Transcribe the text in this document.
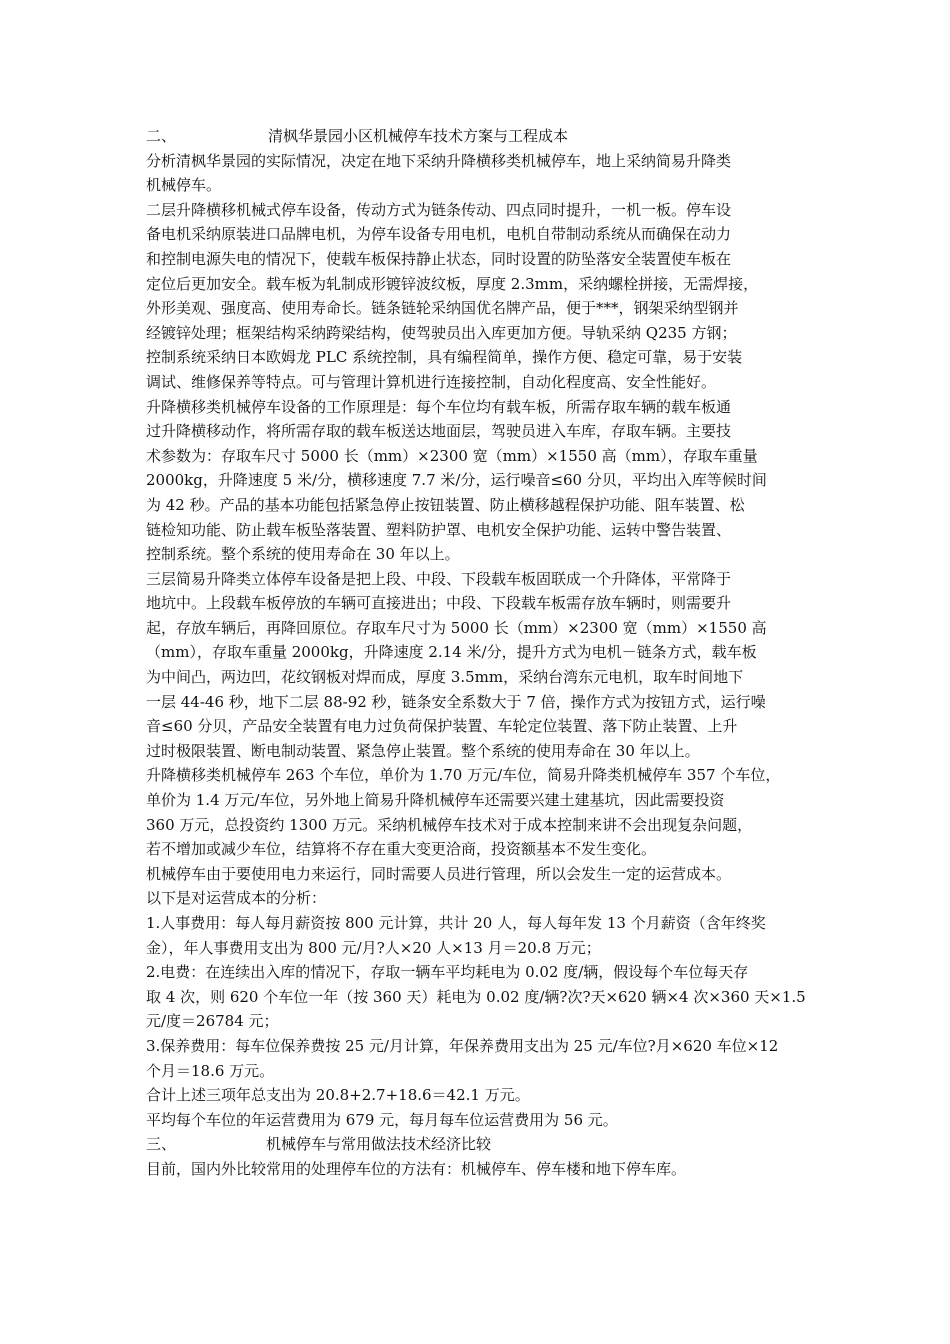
二、	清枫华景园小区机械停车技术方案与工程成本
分析清枫华景园的实际情况，决定在地下采纳升降横移类机械停车，地上采纳简易升降类
机械停车。
二层升降横移机械式停车设备，传动方式为链条传动、四点同时提升，一机一板。停车设
备电机采纳原装进口品牌电机，为停车设备专用电机，电机自带制动系统从而确保在动力
和控制电源失电的情况下，使载车板保持静止状态，同时设置的防坠落安全装置使车板在
定位后更加安全。载车板为轧制成形镀锌波纹板，厚度 2.3mm，采纳螺栓拼接，无需焊接，
外形美观、强度高、使用寿命长。链条链轮采纳国优名牌产品，便于***，钢架采纳型钢并
经镀锌处理；框架结构采纳跨梁结构，使驾驶员出入库更加方便。导轨采纳 Q235 方钢；
控制系统采纳日本欧姆龙 PLC 系统控制，具有编程简单，操作方便、稳定可靠，易于安装
调试、维修保养等特点。可与管理计算机进行连接控制，自动化程度高、安全性能好。
升降横移类机械停车设备的工作原理是：每个车位均有载车板，所需存取车辆的载车板通
过升降横移动作，将所需存取的载车板送达地面层，驾驶员进入车库，存取车辆。主要技
术参数为：存取车尺寸 5000 长（mm）×2300 宽（mm）×1550 高（mm），存取车重量
2000kg，升降速度 5 米/分，横移速度 7.7 米/分，运行噪音≤60 分贝，平均出入库等候时间
为 42 秒。产品的基本功能包括紧急停止按钮装置、防止横移越程保护功能、阻车装置、松
链检知功能、防止载车板坠落装置、塑料防护罩、电机安全保护功能、运转中警告装置、
控制系统。整个系统的使用寿命在 30 年以上。
三层简易升降类立体停车设备是把上段、中段、下段载车板固联成一个升降体，平常降于
地坑中。上段载车板停放的车辆可直接进出；中段、下段载车板需存放车辆时，则需要升
起，存放车辆后，再降回原位。存取车尺寸为 5000 长（mm）×2300 宽（mm）×1550 高
（mm），存取车重量 2000kg，升降速度 2.14 米/分，提升方式为电机－链条方式，载车板
为中间凸，两边凹，花纹钢板对焊而成，厚度 3.5mm，采纳台湾东元电机，取车时间地下
一层 44-46 秒，地下二层 88-92 秒，链条安全系数大于 7 倍，操作方式为按钮方式，运行噪
音≤60 分贝，产品安全装置有电力过负荷保护装置、车轮定位装置、落下防止装置、上升
过时极限装置、断电制动装置、紧急停止装置。整个系统的使用寿命在 30 年以上。
升降横移类机械停车 263 个车位，单价为 1.70 万元/车位，简易升降类机械停车 357 个车位，
单价为 1.4 万元/车位，另外地上简易升降机械停车还需要兴建土建基坑，因此需要投资
360 万元，总投资约 1300 万元。采纳机械停车技术对于成本控制来讲不会出现复杂问题，
若不增加或减少车位，结算将不存在重大变更洽商，投资额基本不发生变化。
机械停车由于要使用电力来运行，同时需要人员进行管理，所以会发生一定的运营成本。
以下是对运营成本的分析：
1.人事费用：每人每月薪资按 800 元计算，共计 20 人，每人每年发 13 个月薪资（含年终奖
金），年人事费用支出为 800 元/月?人×20 人×13 月＝20.8 万元；
2.电费：在连续出入库的情况下，存取一辆车平均耗电为 0.02 度/辆，假设每个车位每天存
取 4 次，则 620 个车位一年（按 360 天）耗电为 0.02 度/辆?次?天×620 辆×4 次×360 天×1.5
元/度＝26784 元；
3.保养费用：每车位保养费按 25 元/月计算，年保养费用支出为 25 元/车位?月×620 车位×12
个月＝18.6 万元。
合计上述三项年总支出为 20.8+2.7+18.6＝42.1 万元。
平均每个车位的年运营费用为 679 元，每月每车位运营费用为 56 元。
三、	机械停车与常用做法技术经济比较
目前，国内外比较常用的处理停车位的方法有：机械停车、停车楼和地下停车库。
